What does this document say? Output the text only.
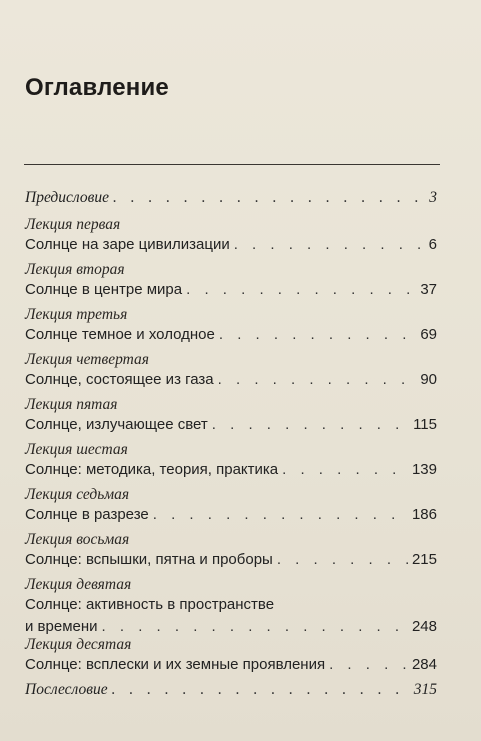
Оглавление
Предисловие . . .	3
Лекция первая
Солнце на заре цивилизации . . .	6
Лекция вторая
Солнце в центре мира . . .	37
Лекция третья
Солнце темное и холодное . . .	69
Лекция четвертая
Солнце, состоящее из газа . . .	90
Лекция пятая
Солнце, излучающее свет . . .	115
Лекция шестая
Солнце: методика, теория, практика . . .	139
Лекция седьмая
Солнце в разрезе . . .	186
Лекция восьмая
Солнце: вспышки, пятна и проборы . . .	215
Лекция девятая
Солнце: активность в пространстве
и времени . . .	248
Лекция десятая
Солнце: всплески и их земные проявления . . .	284
Послесловие . . .	315
